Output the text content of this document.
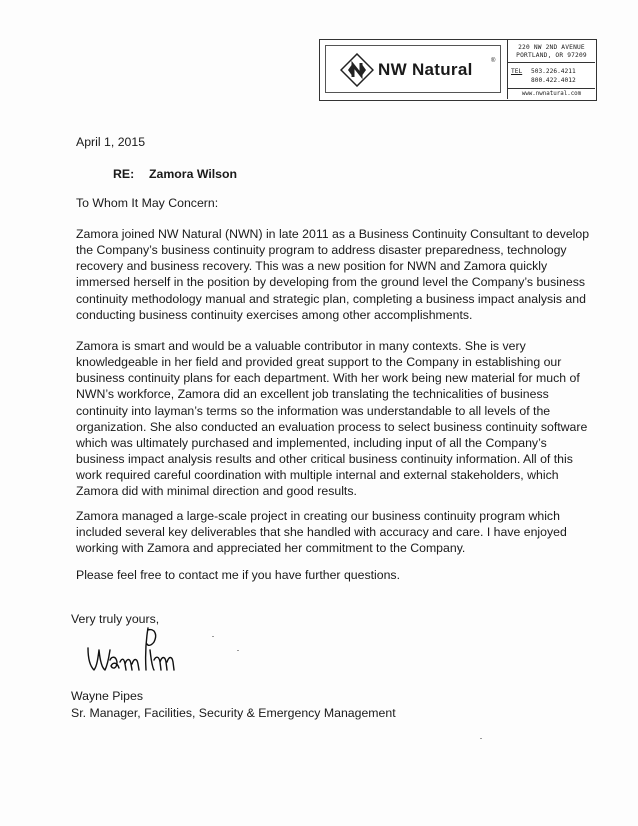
NW Natural	®
220 NW 2ND AVENUE
PORTLAND, OR 97209
TEL 503.226.4211
800.422.4012
www.nwnatural.com
April 1, 2015
RE: Zamora Wilson
To Whom It May Concern:
Zamora joined NW Natural (NWN) in late 2011 as a Business Continuity Consultant to develop
the Company’s business continuity program to address disaster preparedness, technology
recovery and business recovery. This was a new position for NWN and Zamora quickly
immersed herself in the position by developing from the ground level the Company’s business
continuity methodology manual and strategic plan, completing a business impact analysis and
conducting business continuity exercises among other accomplishments.
Zamora is smart and would be a valuable contributor in many contexts. She is very
knowledgeable in her field and provided great support to the Company in establishing our
business continuity plans for each department. With her work being new material for much of
NWN’s workforce, Zamora did an excellent job translating the technicalities of business
continuity into layman’s terms so the information was understandable to all levels of the
organization. She also conducted an evaluation process to select business continuity software
which was ultimately purchased and implemented, including input of all the Company’s
business impact analysis results and other critical business continuity information. All of this
work required careful coordination with multiple internal and external stakeholders, which
Zamora did with minimal direction and good results.
Zamora managed a large-scale project in creating our business continuity program which
included several key deliverables that she handled with accuracy and care. I have enjoyed
working with Zamora and appreciated her commitment to the Company.
Please feel free to contact me if you have further questions.
Very truly yours,
Wayne Pipes
Sr. Manager, Facilities, Security & Emergency Management
